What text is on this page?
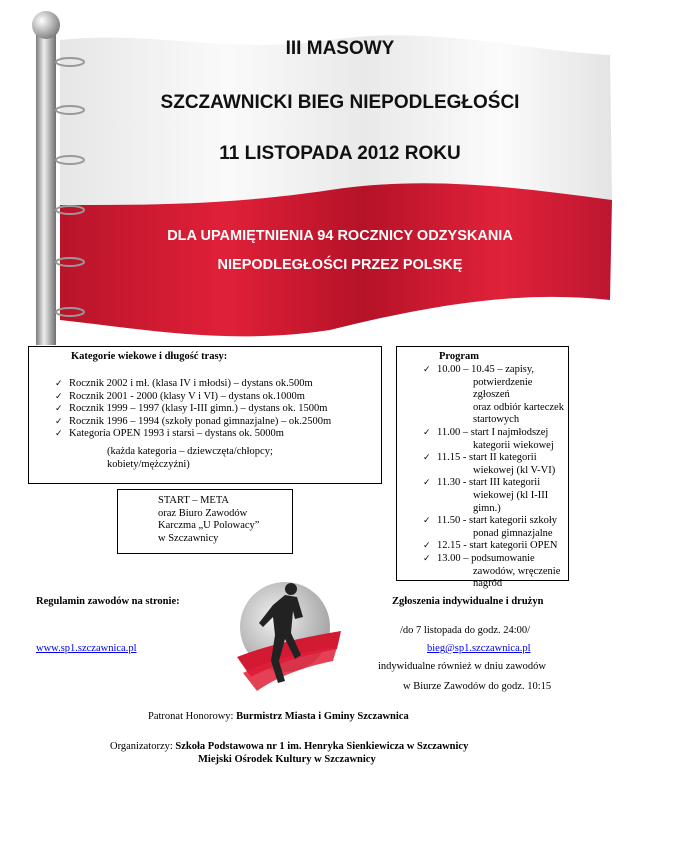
III MASOWY
SZCZAWNICKI BIEG NIEPODLEGŁOŚCI
11 LISTOPADA 2012 ROKU
DLA UPAMIĘTNIENIA 94 ROCZNICY ODZYSKANIA
NIEPODLEGŁOŚCI PRZEZ POLSKĘ
Kategorie wiekowe i długość trasy:
✓ Rocznik 2002 i mł. (klasa IV i młodsi) – dystans ok.500m
✓ Rocznik 2001 - 2000 (klasy V i VI) – dystans ok.1000m
✓ Rocznik 1999 – 1997 (klasy I-III gimn.) – dystans ok. 1500m
✓ Rocznik 1996 – 1994 (szkoły ponad gimnazjalne) – ok.2500m
✓ Kategoria OPEN 1993 i starsi – dystans ok. 5000m
(każda kategoria – dziewczęta/chłopcy;
kobiety/mężczyźni)
START – META
oraz Biuro Zawodów
Karczma „U Polowacy”
w Szczawnicy
Program
✓ 10.00 – 10.45 – zapisy,
potwierdzenie zgłoszeń
oraz odbiór karteczek
startowych
✓ 11.00 – start I najmłodszej
kategorii wiekowej
✓ 11.15 - start II kategorii
wiekowej (kl V-VI)
✓ 11.30 - start III kategorii
wiekowej (kl I-III
gimn.)
✓ 11.50 - start kategorii szkoły
ponad gimnazjalne
✓ 12.15 - start kategorii OPEN
✓ 13.00 – podsumowanie
zawodów, wręczenie
nagród
Regulamin zawodów na stronie:
www.sp1.szczawnica.pl
Zgłoszenia indywidualne i drużyn
/do 7 listopada do godz. 24:00/
bieg@sp1.szczawnica.pl
indywidualne również w dniu zawodów
w Biurze Zawodów do godz. 10:15
Patronat Honorowy: Burmistrz Miasta i Gminy Szczawnica
Organizatorzy: Szkoła Podstawowa nr 1 im. Henryka Sienkiewicza w Szczawnicy
Miejski Ośrodek Kultury w Szczawnicy
